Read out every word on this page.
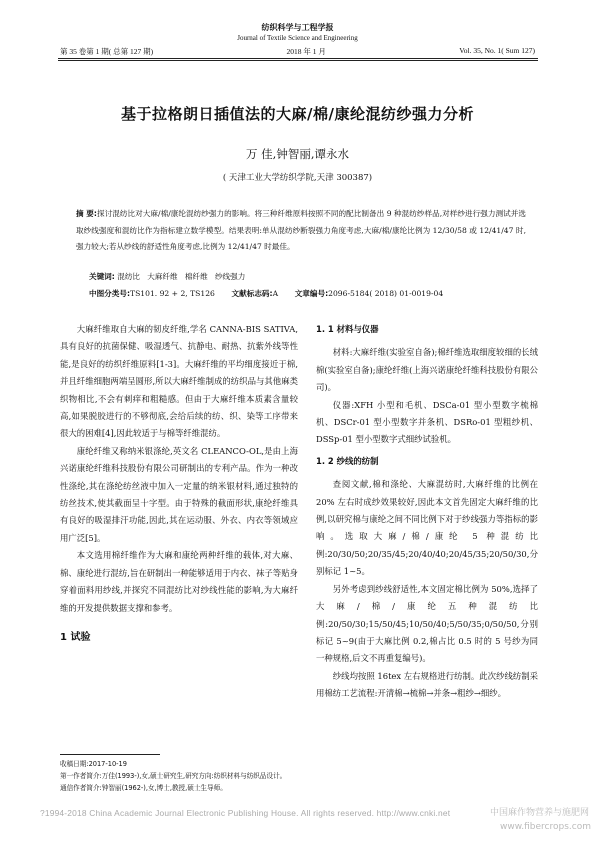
纺织科学与工程学报
Journal of Textile Science and Engineering
第 35 卷第 1 期( 总第 127 期)	2018 年 1 月	Vol. 35, No. 1( Sum 127)
基于拉格朗日插值法的大麻/棉/康纶混纺纱强力分析
万 佳,钟智丽,谭永水
( 天津工业大学纺织学院,天津 300387)
摘 要:探讨混纺比对大麻/棉/康纶混纺纱强力的影响。将三种纤维原料按照不同的配比制备出 9 种混纺纱样品,对样纱进行强力测试并选取纱线强度和混纺比作为指标建立数学模型。结果表明:单从混纺纱断裂强力角度考虑,大麻/棉/康纶比例为 12/30/58 或 12/41/47 时,强力较大;若从纱线的舒适性角度考虑,比例为 12/41/47 时最佳。
关键词: 混纺比 大麻纤维 棉纤维 纱线强力
中图分类号:TS101. 92 + 2, TS126 文献标志码:A 文章编号:2096-5184( 2018) 01-0019-04

大麻纤维取自大麻的韧皮纤维,学名 CANNA-BIS SATIVA,具有良好的抗菌保健、吸湿透气、抗静电、耐热、抗紫外线等性能,是良好的纺织纤维原料[1-3]。大麻纤维的平均细度接近于棉,并且纤维细胞两端呈圆形,所以大麻纤维制成的纺织品与其他麻类织物相比,不会有刺痒和粗糙感。但由于大麻纤维本质素含量较高,如果脱胶进行的不够彻底,会给后续的纺、织、染等工序带来很大的困难[4],因此较适于与棉等纤维混纺。

康纶纤维又称纳米银涤纶,英文名 CLEANCO-OL,是由上海兴诺康纶纤维科技股份有限公司研制出的专利产品。作为一种改性涤纶,其在涤纶纺丝液中加入一定量的纳米银材料,通过独特的纺丝技术,使其截面呈十字型。由于特殊的截面形状,康纶纤维具有良好的吸湿排汗功能,因此,其在运动服、外衣、内衣等领域应用广泛[5]。

本文选用棉纤维作为大麻和康纶两种纤维的载体,对大麻、棉、康纶进行混纺,旨在研制出一种能够适用于内衣、袜子等贴身穿着面料用纱线,并探究不同混纺比对纱线性能的影响,为大麻纤维的开发提供数据支撑和参考。

1 试验

1. 1 材料与仪器

材料:大麻纤维(实验室自备);棉纤维选取细度较细的长绒棉(实验室自备);康纶纤维(上海兴诺康纶纤维科技股份有限公司)。

仪器:XFH 小型和毛机、DSCa-01 型小型数字梳棉机、DSCr-01 型小型数字并条机、DSRo-01 型粗纱机、DSSp-01 型小型数字式细纱试验机。

1. 2 纱线的纺制

查阅文献,棉和涤纶、大麻混纺时,大麻纤维的比例在 20% 左右时成纱效果较好,因此本文首先固定大麻纤维的比例,以研究棉与康纶之间不同比例下对于纱线强力等指标的影响。选取大麻/棉/康纶 5 种混纺比例:20/30/50;20/35/45;20/40/40;20/45/35;20/50/30,分别标记 1~5。

另外考虑到纱线舒适性,本文固定棉比例为 50%,选择了大麻/棉/康纶五种混纺比例:20/50/30;15/50/45;10/50/40;5/50/35;0/50/50,分别标记 5~9(由于大麻比例 0.2,棉占比 0.5 时的 5 号纱为同一种规格,后文不再重复编号)。

纱线均按照 16tex 左右规格进行纺制。此次纱线纺制采用棉纺工艺流程:开清棉→梳棉→并条→粗纱→细纱。

收稿日期:2017-10-19
第一作者简介:万佳(1993-),女,硕士研究生,研究方向:纺织材料与纺织品设计。
通信作者简介:钟智丽(1962-),女,博士,教授,硕士生导师。
?1994-2018 China Academic Journal Electronic Publishing House. All rights reserved. http://www.cnki.net	中国麻作物营养与施肥网
www.fibercrops.com
